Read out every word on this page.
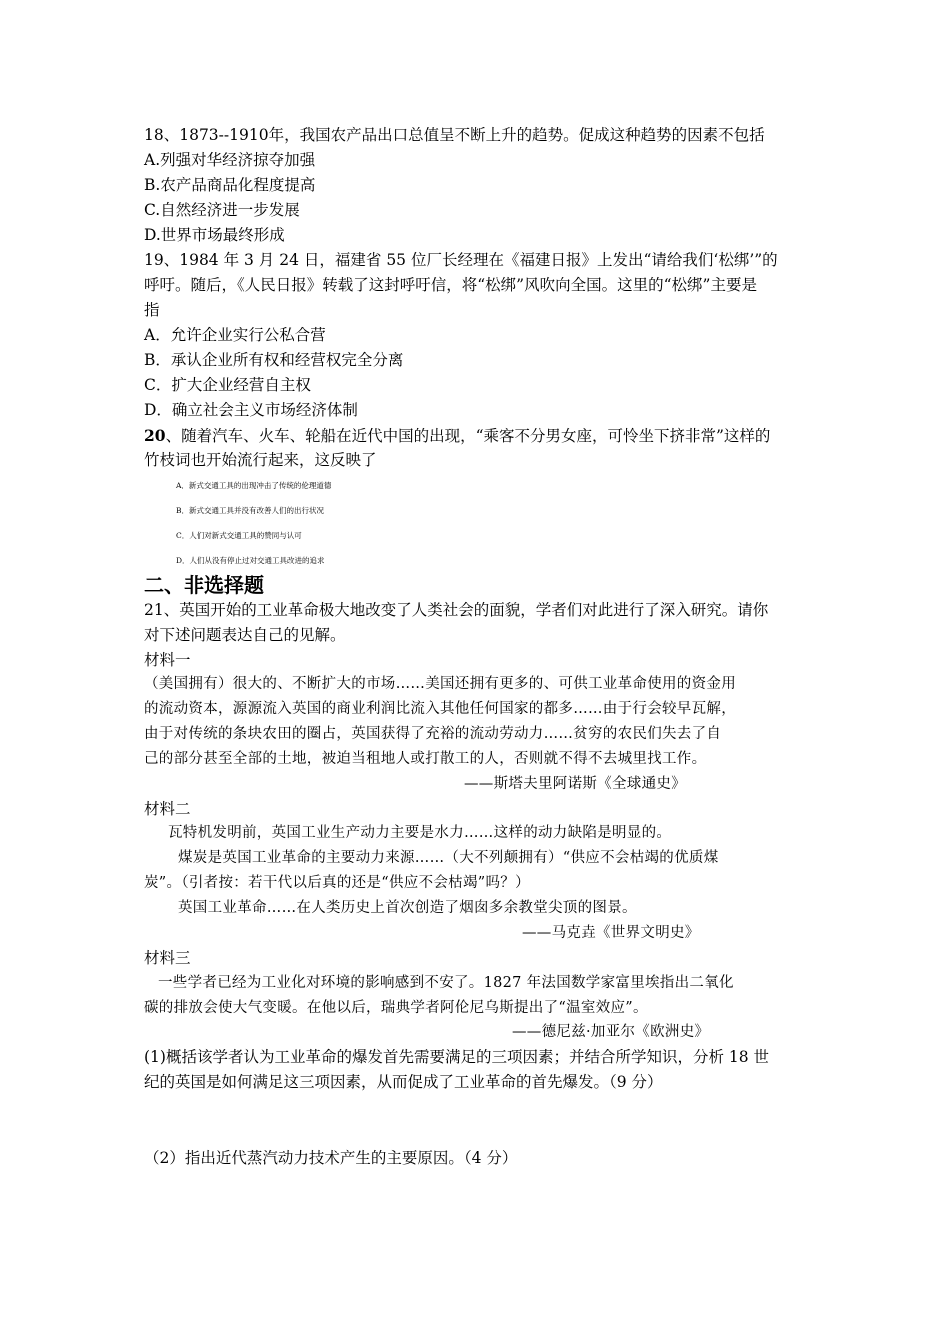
18、1873--1910年，我国农产品出口总值呈不断上升的趋势。促成这种趋势的因素不包括
A.列强对华经济掠夺加强
B.农产品商品化程度提高
C.自然经济进一步发展
D.世界市场最终形成
19、1984 年 3 月 24 日，福建省 55 位厂长经理在《福建日报》上发出“请给我们‘松绑’”的
呼吁。随后，《人民日报》转载了这封呼吁信，将“松绑”风吹向全国。这里的“松绑”主要是
指
A．允许企业实行公私合营
B．承认企业所有权和经营权完全分离
C．扩大企业经营自主权
D．确立社会主义市场经济体制
20、随着汽车、火车、轮船在近代中国的出现，“乘客不分男女座，可怜坐下挤非常”这样的
竹枝词也开始流行起来，这反映了
A．新式交通工具的出现冲击了传统的伦理道德
B．新式交通工具并没有改善人们的出行状况
C．人们对新式交通工具的赞同与认可
D．人们从没有停止过对交通工具改进的追求
二、非选择题
21、英国开始的工业革命极大地改变了人类社会的面貌，学者们对此进行了深入研究。请你
对下述问题表达自己的见解。
材料一
（美国拥有）很大的、不断扩大的市场……美国还拥有更多的、可供工业革命使用的资金用
的流动资本，源源流入英国的商业利润比流入其他任何国家的都多……由于行会较早瓦解，
由于对传统的条块农田的圈占，英国获得了充裕的流动劳动力……贫穷的农民们失去了自
己的部分甚至全部的土地，被迫当租地人或打散工的人，否则就不得不去城里找工作。
——斯塔夫里阿诺斯《全球通史》
材料二
瓦特机发明前，英国工业生产动力主要是水力……这样的动力缺陷是明显的。
煤炭是英国工业革命的主要动力来源……（大不列颠拥有）“供应不会枯竭的优质煤
炭”。（引者按：若干代以后真的还是“供应不会枯竭”吗？）
英国工业革命……在人类历史上首次创造了烟囱多余教堂尖顶的图景。
——马克垚《世界文明史》
材料三
一些学者已经为工业化对环境的影响感到不安了。1827 年法国数学家富里埃指出二氧化
碳的排放会使大气变暖。在他以后，瑞典学者阿伦尼乌斯提出了“温室效应”。
——德尼兹·加亚尔《欧洲史》
(1)概括该学者认为工业革命的爆发首先需要满足的三项因素；并结合所学知识，分析 18 世
纪的英国是如何满足这三项因素，从而促成了工业革命的首先爆发。（9 分）
（2）指出近代蒸汽动力技术产生的主要原因。（4 分）
